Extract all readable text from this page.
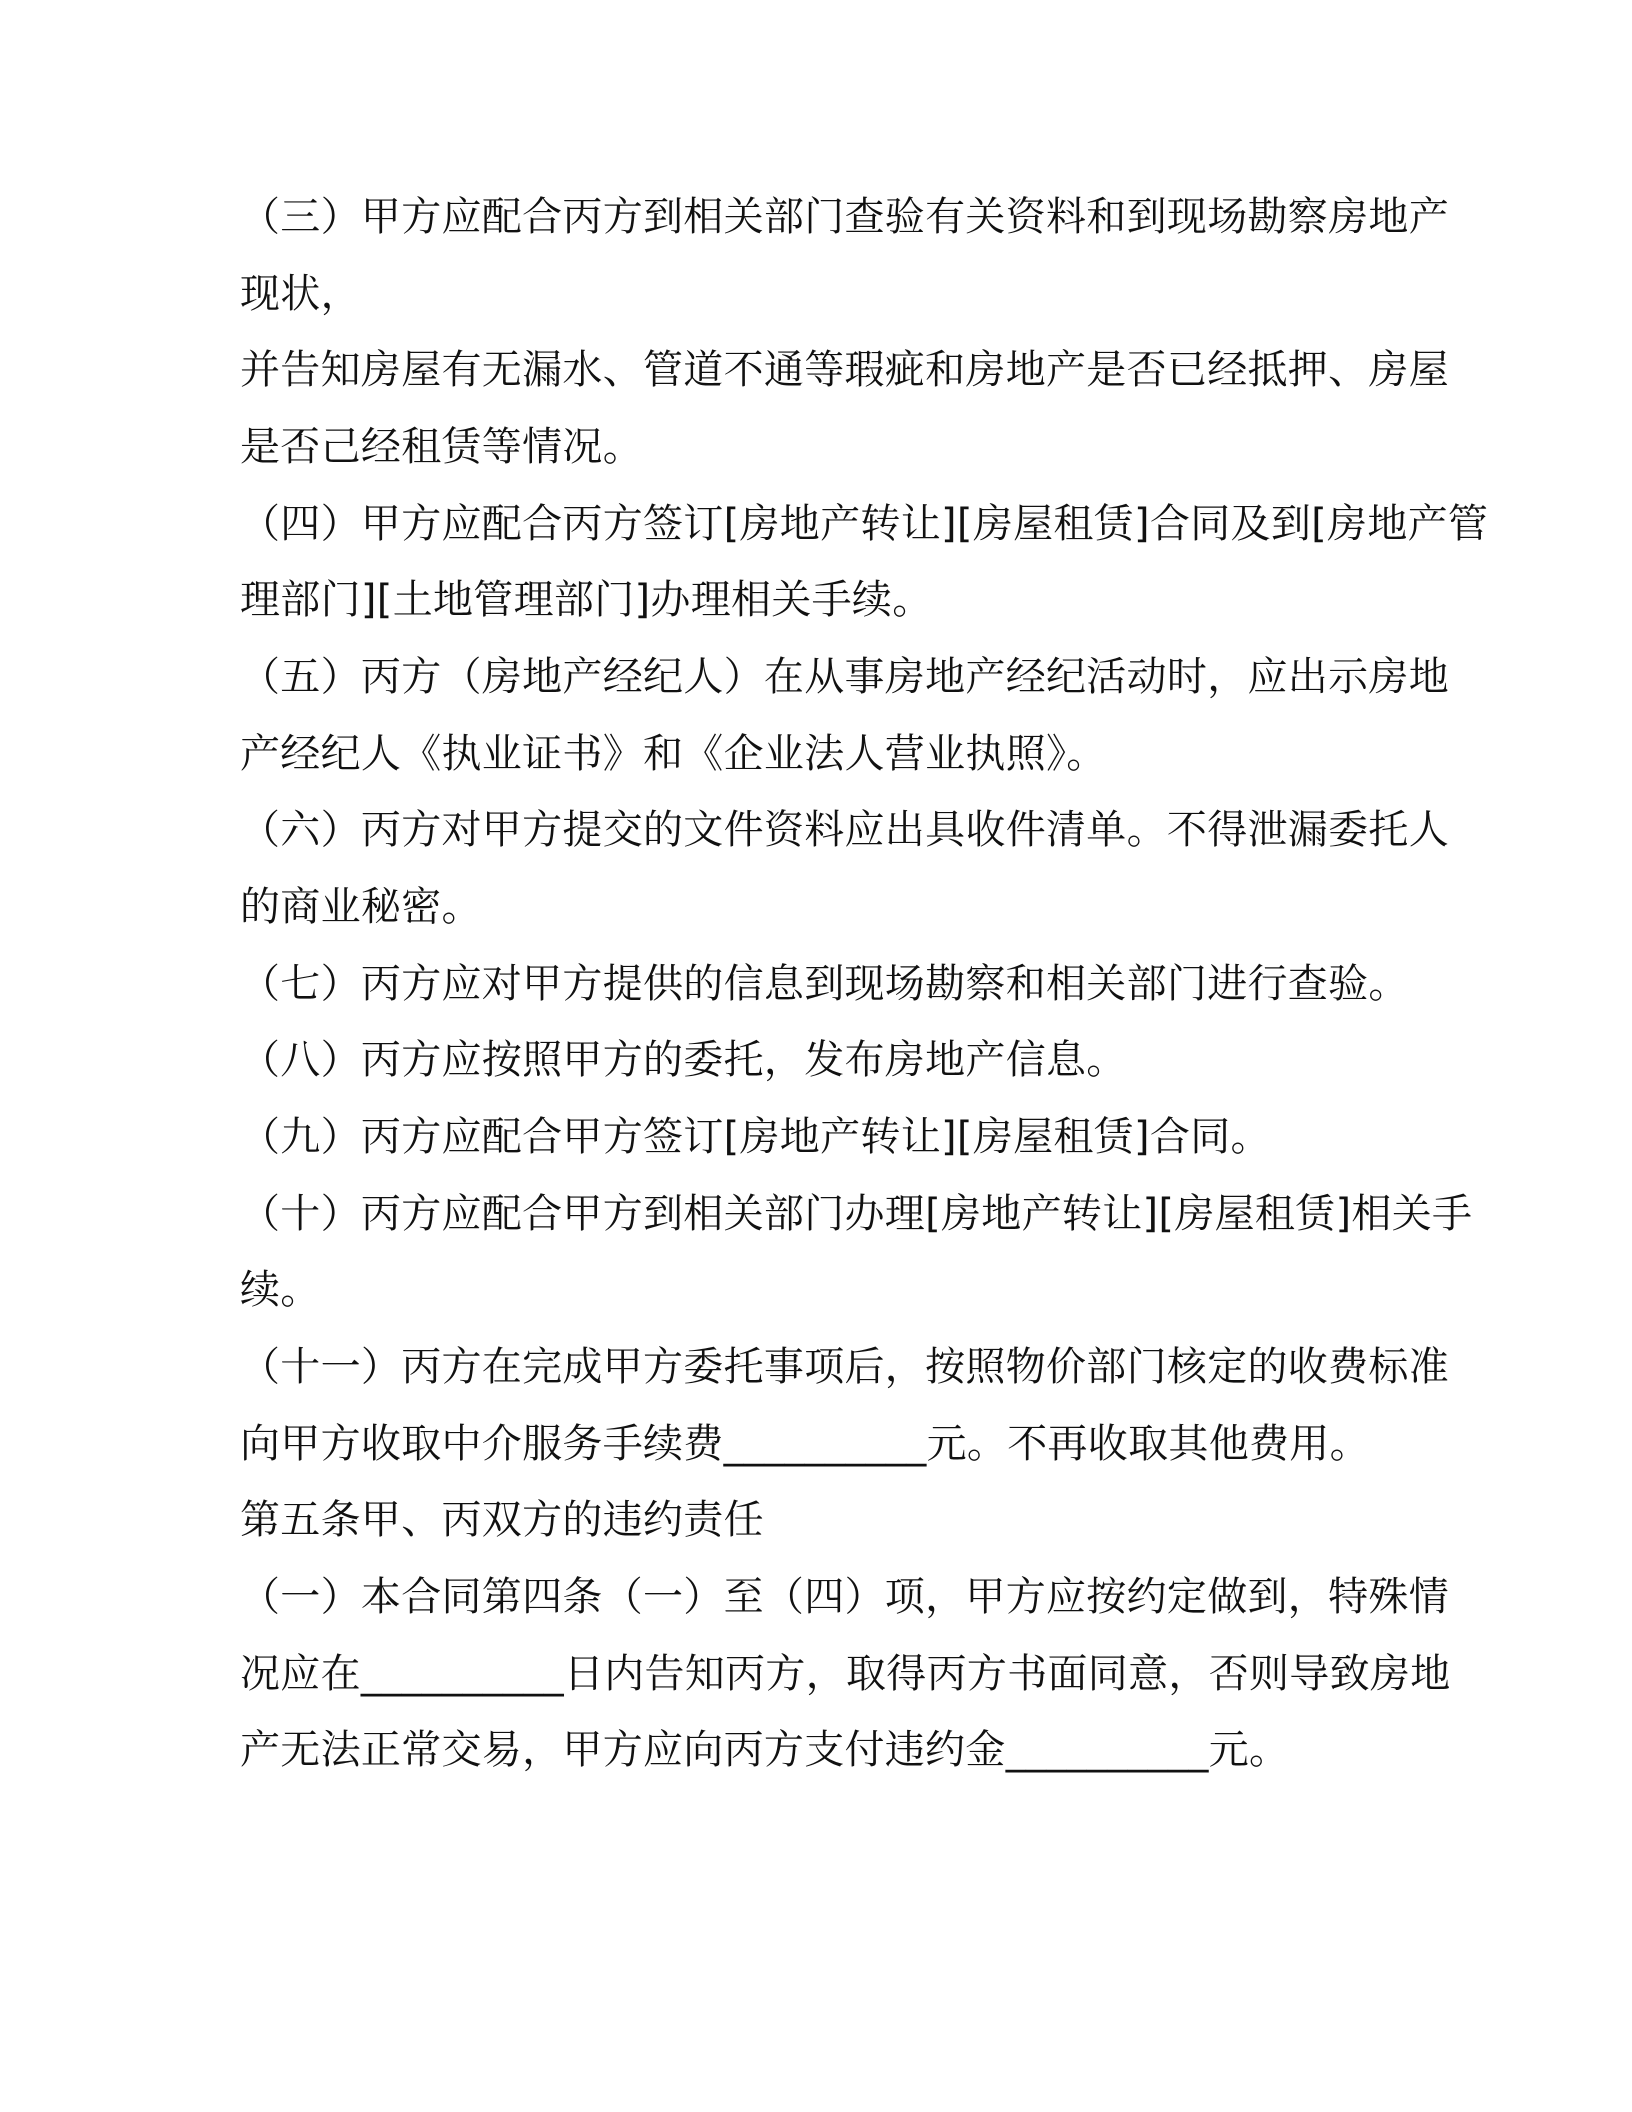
（三）甲方应配合丙方到相关部门查验有关资料和到现场勘察房地产

现状，

并告知房屋有无漏水、管道不通等瑕疵和房地产是否已经抵押、房屋

是否己经租赁等情况。

（四）甲方应配合丙方签订[房地产转让][房屋租赁]合同及到[房地产管

理部门][土地管理部门]办理相关手续。

（五）丙方（房地产经纪人）在从事房地产经纪活动时，应出示房地

产经纪人《执业证书》和《企业法人营业执照》。

（六）丙方对甲方提交的文件资料应出具收件清单。不得泄漏委托人

的商业秘密。

（七）丙方应对甲方提供的信息到现场勘察和相关部门进行查验。

（八）丙方应按照甲方的委托，发布房地产信息。

（九）丙方应配合甲方签订[房地产转让][房屋租赁]合同。

（十）丙方应配合甲方到相关部门办理[房地产转让][房屋租赁]相关手

续。

（十一）丙方在完成甲方委托事项后，按照物价部门核定的收费标准

向甲方收取中介服务手续费__________元。不再收取其他费用。

第五条甲、丙双方的违约责任

（一）本合同第四条（一）至（四）项，甲方应按约定做到，特殊情

况应在__________日内告知丙方，取得丙方书面同意，否则导致房地

产无法正常交易，甲方应向丙方支付违约金__________元。
